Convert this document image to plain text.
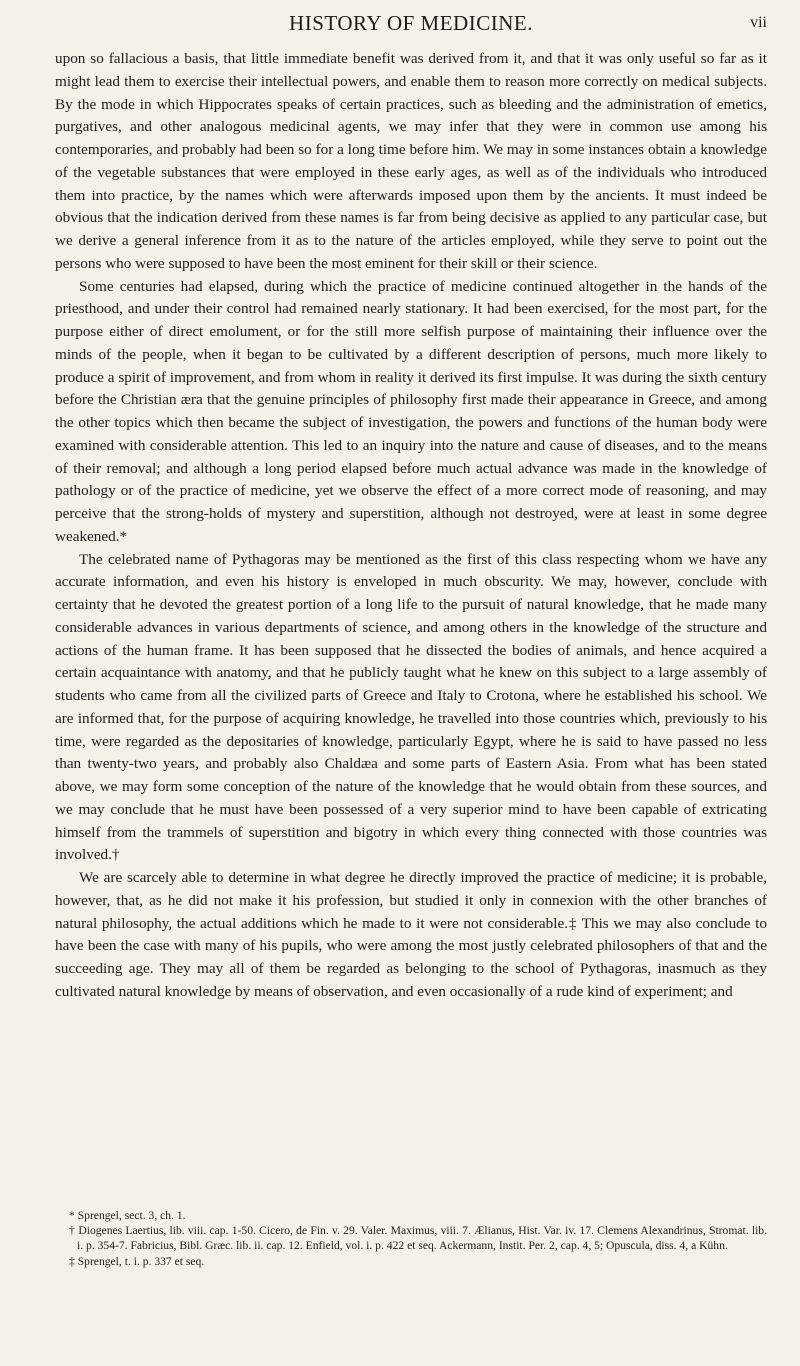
HISTORY OF MEDICINE.	vii

upon so fallacious a basis, that little immediate benefit was derived from it, and that it was only useful so far as it might lead them to exercise their intellectual powers, and enable them to reason more correctly on medical subjects. By the mode in which Hippocrates speaks of certain practices, such as bleeding and the administration of emetics, purgatives, and other analogous medicinal agents, we may infer that they were in common use among his contemporaries, and probably had been so for a long time before him. We may in some instances obtain a knowledge of the vegetable substances that were employed in these early ages, as well as of the individuals who introduced them into practice, by the names which were afterwards imposed upon them by the ancients. It must indeed be obvious that the indication derived from these names is far from being decisive as applied to any particular case, but we derive a general inference from it as to the nature of the articles employed, while they serve to point out the persons who were supposed to have been the most eminent for their skill or their science.

Some centuries had elapsed, during which the practice of medicine continued altogether in the hands of the priesthood, and under their control had remained nearly stationary. It had been exercised, for the most part, for the purpose either of direct emolument, or for the still more selfish purpose of maintaining their influence over the minds of the people, when it began to be cultivated by a different description of persons, much more likely to produce a spirit of improvement, and from whom in reality it derived its first impulse. It was during the sixth century before the Christian æra that the genuine principles of philosophy first made their appearance in Greece, and among the other topics which then became the subject of investigation, the powers and functions of the human body were examined with considerable attention. This led to an inquiry into the nature and cause of diseases, and to the means of their removal; and although a long period elapsed before much actual advance was made in the knowledge of pathology or of the practice of medicine, yet we observe the effect of a more correct mode of reasoning, and may perceive that the strong-holds of mystery and superstition, although not destroyed, were at least in some degree weakened.*

The celebrated name of Pythagoras may be mentioned as the first of this class respecting whom we have any accurate information, and even his history is enveloped in much obscurity. We may, however, conclude with certainty that he devoted the greatest portion of a long life to the pursuit of natural knowledge, that he made many considerable advances in various departments of science, and among others in the knowledge of the structure and actions of the human frame. It has been supposed that he dissected the bodies of animals, and hence acquired a certain acquaintance with anatomy, and that he publicly taught what he knew on this subject to a large assembly of students who came from all the civilized parts of Greece and Italy to Crotona, where he established his school. We are informed that, for the purpose of acquiring knowledge, he travelled into those countries which, previously to his time, were regarded as the depositaries of knowledge, particularly Egypt, where he is said to have passed no less than twenty-two years, and probably also Chaldæa and some parts of Eastern Asia. From what has been stated above, we may form some conception of the nature of the knowledge that he would obtain from these sources, and we may conclude that he must have been possessed of a very superior mind to have been capable of extricating himself from the trammels of superstition and bigotry in which every thing connected with those countries was involved.†

We are scarcely able to determine in what degree he directly improved the practice of medicine; it is probable, however, that, as he did not make it his profession, but studied it only in connexion with the other branches of natural philosophy, the actual additions which he made to it were not considerable.‡ This we may also conclude to have been the case with many of his pupils, who were among the most justly celebrated philosophers of that and the succeeding age. They may all of them be regarded as belonging to the school of Pythagoras, inasmuch as they cultivated natural knowledge by means of observation, and even occasionally of a rude kind of experiment; and

* Sprengel, sect. 3, ch. 1.

† Diogenes Laertius, lib. viii. cap. 1-50. Cicero, de Fin. v. 29. Valer. Maximus, viii. 7. Ælianus, Hist. Var. iv. 17. Clemens Alexandrinus, Stromat. lib. i. p. 354-7. Fabricius, Bibl. Græc. lib. ii. cap. 12. Enfield, vol. i. p. 422 et seq. Ackermann, Instit. Per. 2, cap. 4, 5; Opuscula, diss. 4, a Kühn.

‡ Sprengel, t. i. p. 337 et seq.
